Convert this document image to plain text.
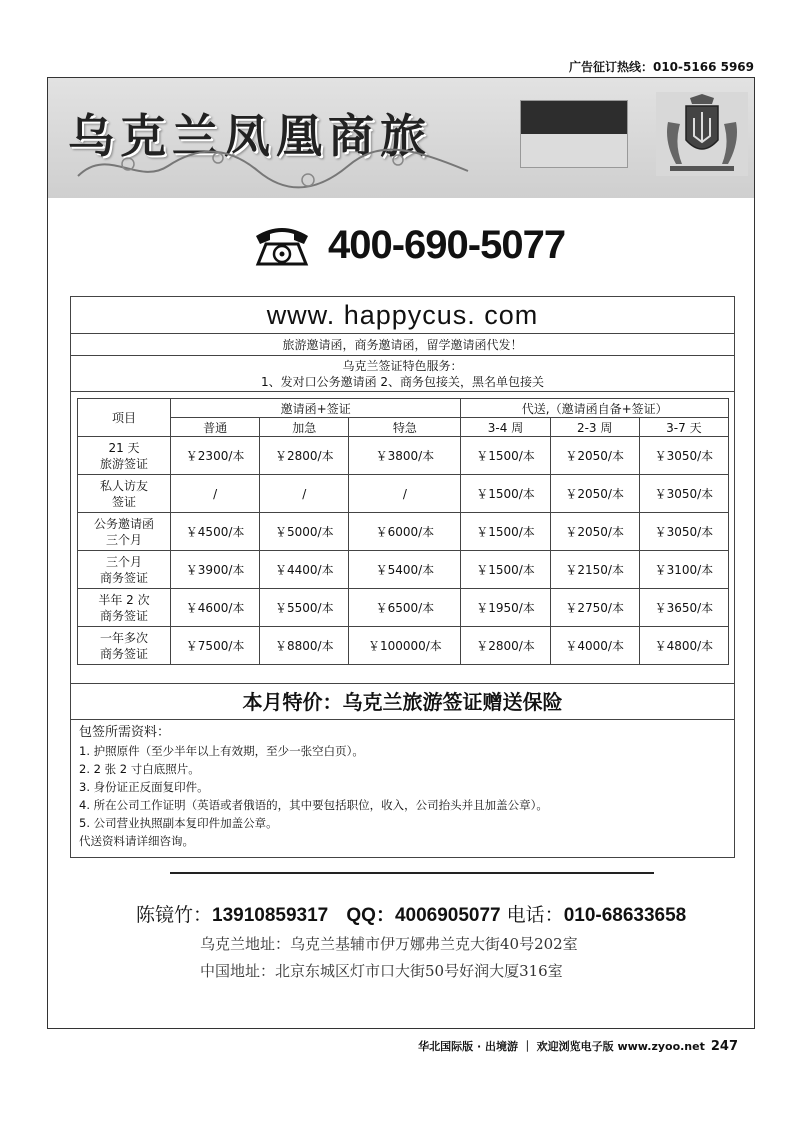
广告征订热线：010-5166 5969
乌克兰凤凰商旅
400-690-5077
www. happycus. com
旅游邀请函，商务邀请函，留学邀请函代发！
乌克兰签证特色服务：
1、发对口公务邀请函 2、商务包接关，黑名单包接关
项目	邀请函+签证			代送,（邀请函自备+签证）		
	普通	加急	特急	3-4 周	2-3 周	3-7 天
21 天
旅游签证	￥2300/本	￥2800/本	￥3800/本	￥1500/本	￥2050/本	￥3050/本
私人访友
签证	/	/	/	￥1500/本	￥2050/本	￥3050/本
公务邀请函
三个月	￥4500/本	￥5000/本	￥6000/本	￥1500/本	￥2050/本	￥3050/本
三个月
商务签证	￥3900/本	￥4400/本	￥5400/本	￥1500/本	￥2150/本	￥3100/本
半年 2 次
商务签证	￥4600/本	￥5500/本	￥6500/本	￥1950/本	￥2750/本	￥3650/本
一年多次
商务签证	￥7500/本	￥8800/本	￥100000/本	￥2800/本	￥4000/本	￥4800/本
本月特价：乌克兰旅游签证赠送保险
包签所需资料：
1. 护照原件（至少半年以上有效期，至少一张空白页）。
2. 2 张 2 寸白底照片。
3. 身份证正反面复印件。
4. 所在公司工作证明（英语或者俄语的，其中要包括职位，收入，公司抬头并且加盖公章）。
5. 公司营业执照副本复印件加盖公章。
代送资料请详细咨询。
陈镜竹：13910859317 QQ：4006905077 电话：010-68633658
乌克兰地址：乌克兰基辅市伊万娜弗兰克大街40号202室
中国地址：北京东城区灯市口大街50号好润大厦316室
华北国际版 · 出境游 ｜ 欢迎浏览电子版 www.zyoo.net 247
